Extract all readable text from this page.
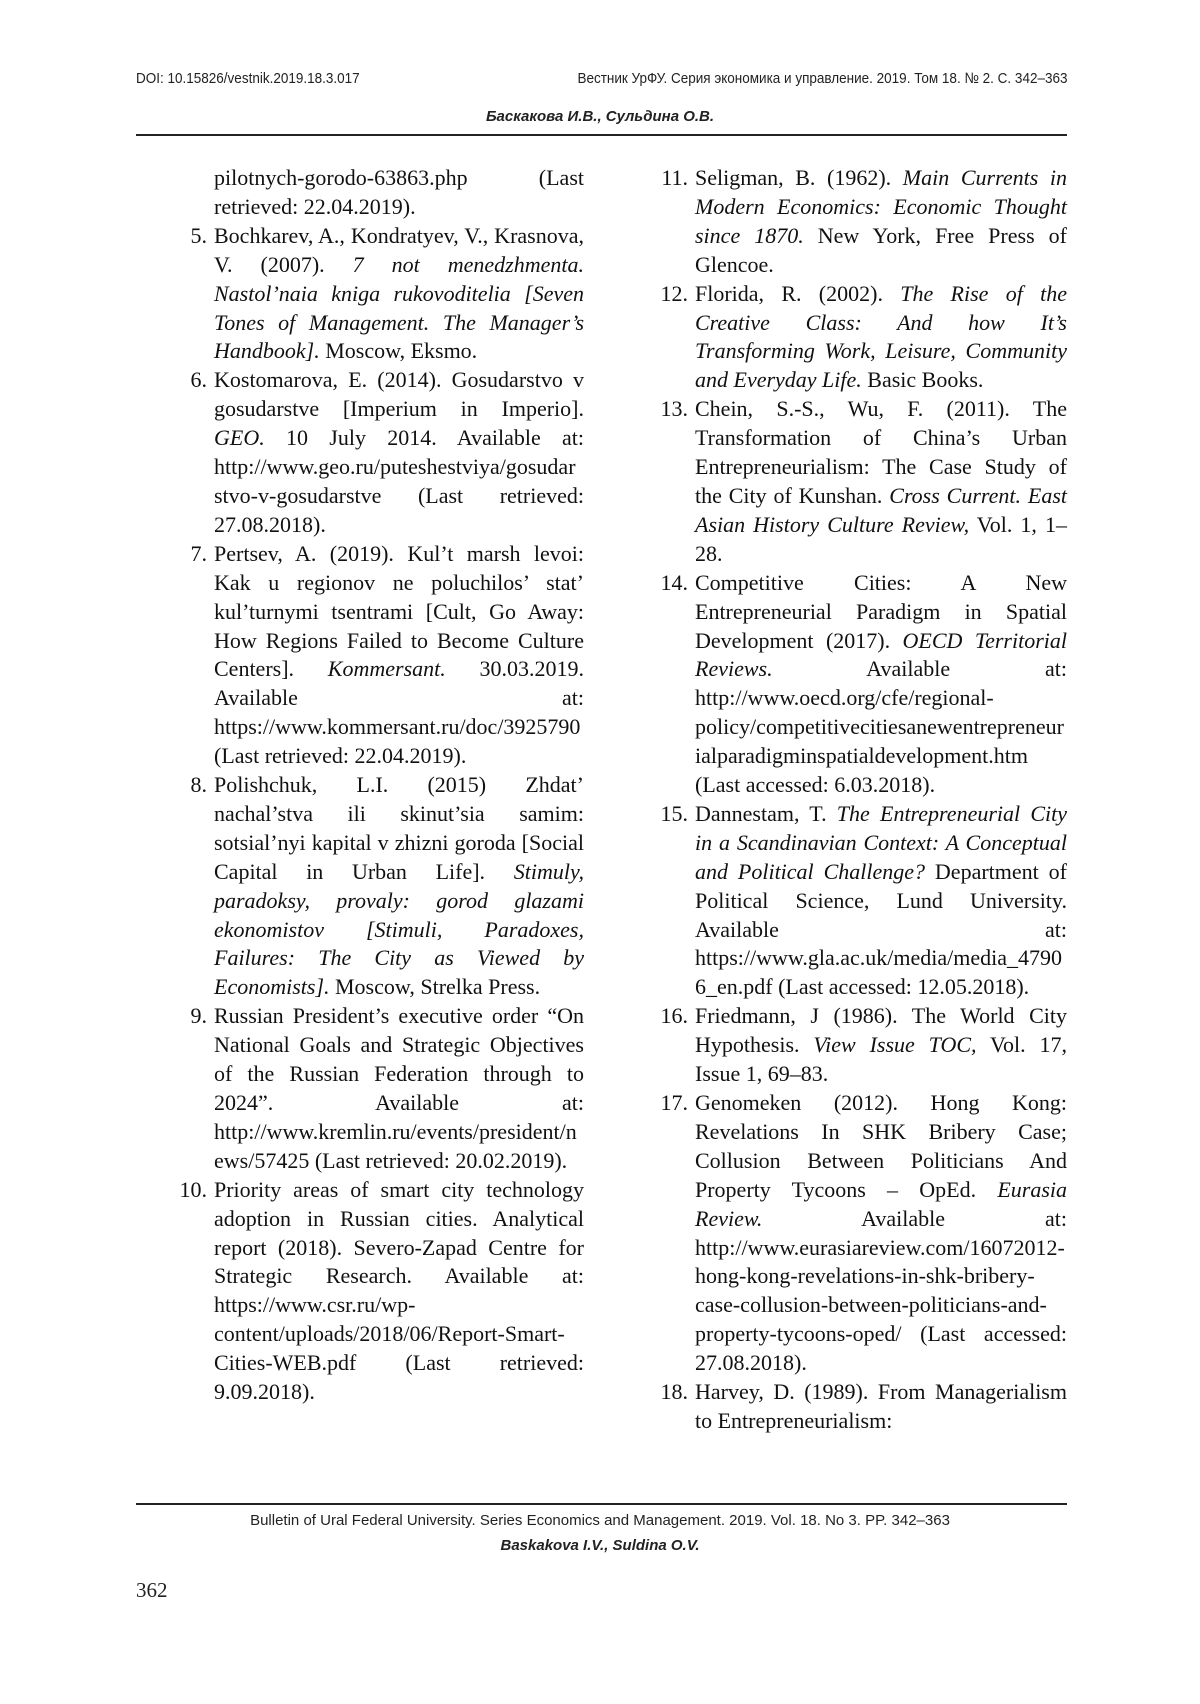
DOI: 10.15826/vestnik.2019.18.3.017	Вестник УрФУ. Серия экономика и управление. 2019. Том 18. № 2. С. 342–363
Баскакова И.В., Сульдина О.В.
pilotnych-gorodo-63863.php (Last retrieved: 22.04.2019).
5. Bochkarev, A., Kondratyev, V., Krasnova, V. (2007). 7 not menedzhmenta. Nastol’naia kniga rukovoditelia [Seven Tones of Management. The Manager’s Handbook]. Moscow, Eksmo.
6. Kostomarova, E. (2014). Gosudarstvo v gosudarstve [Imperium in Imperio]. GEO. 10 July 2014. Available at: http://www.geo.ru/puteshestviya/gosudarstvo-v-gosudarstve (Last retrieved: 27.08.2018).
7. Pertsev, A. (2019). Kul’t marsh levoi: Kak u regionov ne poluchilos’ stat’ kul’turnymi tsentrami [Cult, Go Away: How Regions Failed to Become Culture Centers]. Kommersant. 30.03.2019. Available at: https://www.kommersant.ru/doc/3925790 (Last retrieved: 22.04.2019).
8. Polishchuk, L.I. (2015) Zhdat’ nachal’stva ili skinut’sia samim: sotsial’nyi kapital v zhizni goroda [Social Capital in Urban Life]. Stimuly, paradoksy, provaly: gorod glazami ekonomistov [Stimuli, Paradoxes, Failures: The City as Viewed by Economists]. Moscow, Strelka Press.
9. Russian President’s executive order “On National Goals and Strategic Objectives of the Russian Federation through to 2024”. Available at: http://www.kremlin.ru/events/president/news/57425 (Last retrieved: 20.02.2019).
10. Priority areas of smart city technology adoption in Russian cities. Analytical report (2018). Severo-Zapad Centre for Strategic Research. Available at: https://www.csr.ru/wp-content/uploads/2018/06/Report-Smart-Cities-WEB.pdf (Last retrieved: 9.09.2018).
11. Seligman, B. (1962). Main Currents in Modern Economics: Economic Thought since 1870. New York, Free Press of Glencoe.
12. Florida, R. (2002). The Rise of the Creative Class: And how It’s Transforming Work, Leisure, Community and Everyday Life. Basic Books.
13. Chein, S.-S., Wu, F. (2011). The Transformation of China’s Urban Entrepreneurialism: The Case Study of the City of Kunshan. Cross Current. East Asian History Culture Review, Vol. 1, 1–28.
14. Competitive Cities: A New Entrepreneurial Paradigm in Spatial Development (2017). OECD Territorial Reviews. Available at: http://www.oecd.org/cfe/regional-policy/competitivecitiesanewentrepreneurialparadigminspatialdevelopment.htm (Last accessed: 6.03.2018).
15. Dannestam, T. The Entrepreneurial City in a Scandinavian Context: A Conceptual and Political Challenge? Department of Political Science, Lund University. Available at: https://www.gla.ac.uk/media/media_47906_en.pdf (Last accessed: 12.05.2018).
16. Friedmann, J (1986). The World City Hypothesis. View Issue TOC, Vol. 17, Issue 1, 69–83.
17. Genomeken (2012). Hong Kong: Revelations In SHK Bribery Case; Collusion Between Politicians And Property Tycoons – OpEd. Eurasia Review. Available at: http://www.eurasiareview.com/16072012-hong-kong-revelations-in-shk-bribery-case-collusion-between-politicians-and-property-tycoons-oped/ (Last accessed: 27.08.2018).
18. Harvey, D. (1989). From Managerialism to Entrepreneurialism:
Bulletin of Ural Federal University. Series Economics and Management. 2019. Vol. 18. No 3. PP. 342–363
Baskakova I.V., Suldina O.V.
362
